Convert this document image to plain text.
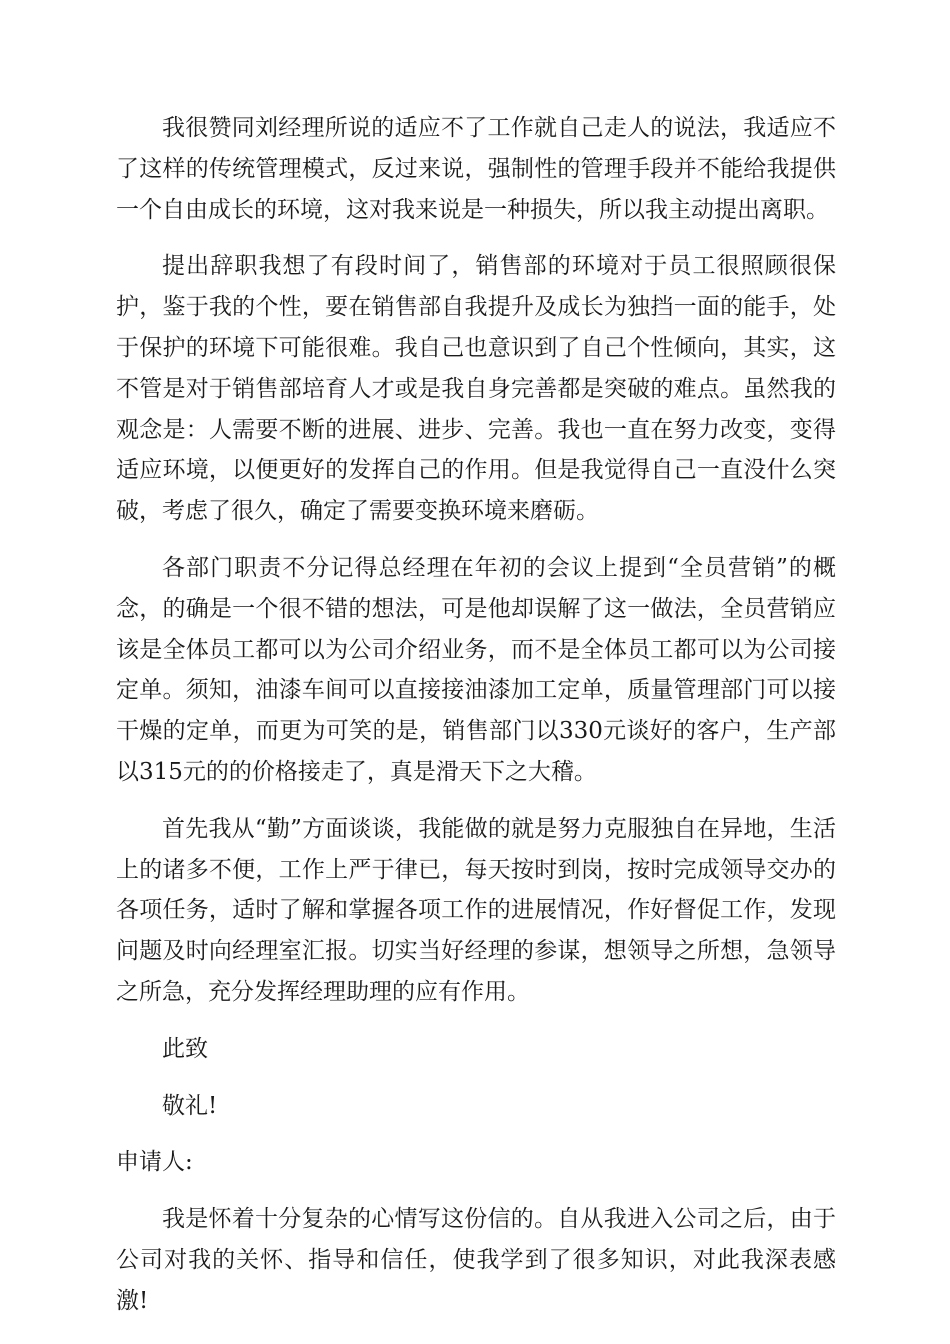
我很赞同刘经理所说的适应不了工作就自己走人的说法，我适应不了这样的传统管理模式，反过来说，强制性的管理手段并不能给我提供一个自由成长的环境，这对我来说是一种损失，所以我主动提出离职。

提出辞职我想了有段时间了，销售部的环境对于员工很照顾很保护，鉴于我的个性，要在销售部自我提升及成长为独挡一面的能手，处于保护的环境下可能很难。我自己也意识到了自己个性倾向，其实，这不管是对于销售部培育人才或是我自身完善都是突破的难点。虽然我的观念是：人需要不断的进展、进步、完善。我也一直在努力改变，变得适应环境，以便更好的发挥自己的作用。但是我觉得自己一直没什么突破，考虑了很久，确定了需要变换环境来磨砺。

各部门职责不分记得总经理在年初的会议上提到“全员营销”的概念，的确是一个很不错的想法，可是他却误解了这一做法，全员营销应该是全体员工都可以为公司介绍业务，而不是全体员工都可以为公司接定单。须知，油漆车间可以直接接油漆加工定单，质量管理部门可以接干燥的定单，而更为可笑的是，销售部门以330元谈好的客户，生产部以315元的的价格接走了，真是滑天下之大稽。

首先我从“勤”方面谈谈，我能做的就是努力克服独自在异地，生活上的诸多不便，工作上严于律已，每天按时到岗，按时完成领导交办的各项任务，适时了解和掌握各项工作的进展情况，作好督促工作，发现问题及时向经理室汇报。切实当好经理的参谋，想领导之所想，急领导之所急，充分发挥经理助理的应有作用。

此致

敬礼!

申请人:

我是怀着十分复杂的心情写这份信的。自从我进入公司之后，由于公司对我的关怀、指导和信任，使我学到了很多知识，对此我深表感激!
